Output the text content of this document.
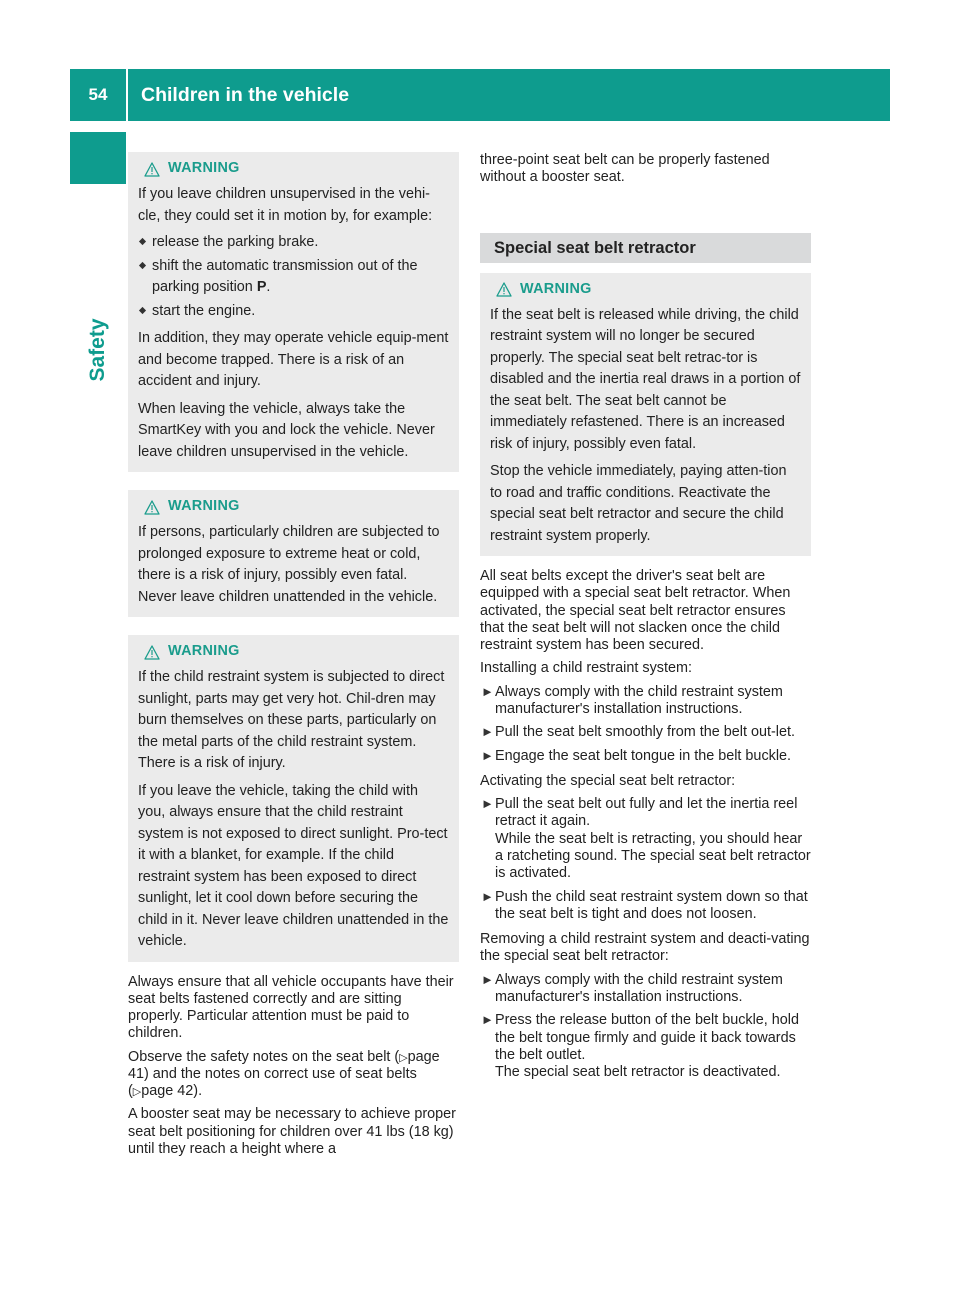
54	Children in the vehicle
Safety
WARNING

If you leave children unsupervised in the vehi-cle, they could set it in motion by, for example:

release the parking brake.
shift the automatic transmission out of the parking position P.
start the engine.

In addition, they may operate vehicle equip-ment and become trapped. There is a risk of an accident and injury.

When leaving the vehicle, always take the SmartKey with you and lock the vehicle. Never leave children unsupervised in the vehicle.

WARNING

If persons, particularly children are subjected to prolonged exposure to extreme heat or cold, there is a risk of injury, possibly even fatal. Never leave children unattended in the vehicle.

WARNING

If the child restraint system is subjected to direct sunlight, parts may get very hot. Chil-dren may burn themselves on these parts, particularly on the metal parts of the child restraint system. There is a risk of injury.

If you leave the vehicle, taking the child with you, always ensure that the child restraint system is not exposed to direct sunlight. Pro-tect it with a blanket, for example. If the child restraint system has been exposed to direct sunlight, let it cool down before securing the child in it. Never leave children unattended in the vehicle.

Always ensure that all vehicle occupants have their seat belts fastened correctly and are sitting properly. Particular attention must be paid to children.

Observe the safety notes on the seat belt (▷page 41) and the notes on correct use of seat belts (▷page 42).

A booster seat may be necessary to achieve proper seat belt positioning for children over 41 lbs (18 kg) until they reach a height where a

three-point seat belt can be properly fastened without a booster seat.

Special seat belt retractor
WARNING

If the seat belt is released while driving, the child restraint system will no longer be secured properly. The special seat belt retrac-tor is disabled and the inertia real draws in a portion of the seat belt. The seat belt cannot be immediately refastened. There is an increased risk of injury, possibly even fatal.

Stop the vehicle immediately, paying atten-tion to road and traffic conditions. Reactivate the special seat belt retractor and secure the child restraint system properly.

All seat belts except the driver's seat belt are equipped with a special seat belt retractor. When activated, the special seat belt retractor ensures that the seat belt will not slacken once the child restraint system has been secured.

Installing a child restraint system:

► Always comply with the child restraint system manufacturer's installation instructions.
► Pull the seat belt smoothly from the belt out-let.
► Engage the seat belt tongue in the belt buckle.

Activating the special seat belt retractor:

► Pull the seat belt out fully and let the inertia reel retract it again.
While the seat belt is retracting, you should hear a ratcheting sound. The special seat belt retractor is activated.
► Push the child seat restraint system down so that the seat belt is tight and does not loosen.

Removing a child restraint system and deacti-vating the special seat belt retractor:

► Always comply with the child restraint system manufacturer's installation instructions.
► Press the release button of the belt buckle, hold the belt tongue firmly and guide it back towards the belt outlet.
The special seat belt retractor is deactivated.
